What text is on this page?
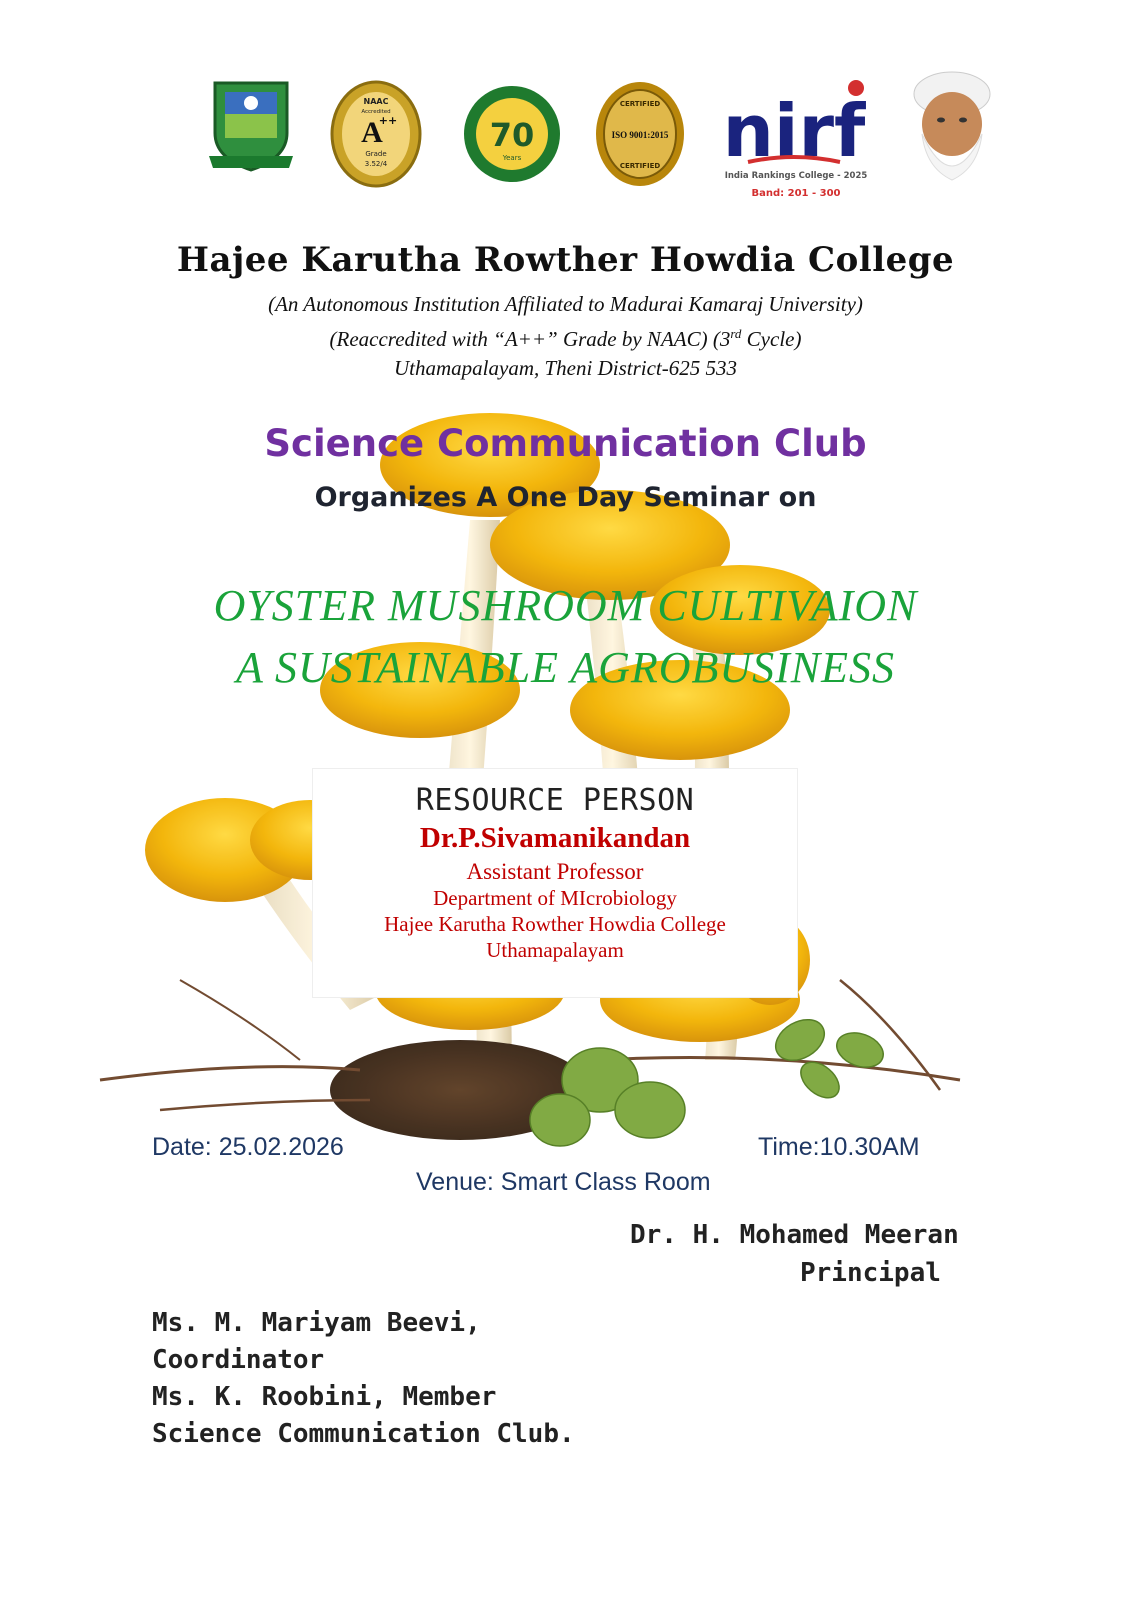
NAAC
Accredited
A
++
Grade
3.52/4
70
Years
CERTIFIED
ISO 9001:2015
CERTIFIED nirf
India Rankings College - 2025
Band: 201 - 300
Hajee Karutha Rowther Howdia College
(An Autonomous Institution Affiliated to Madurai Kamaraj University)
(Reaccredited with “A++” Grade by NAAC) (3rd Cycle)
Uthamapalayam, Theni District-625 533
Science Communication Club
Organizes A One Day Seminar on
OYSTER MUSHROOM CULTIVAION
A SUSTAINABLE AGROBUSINESS
RESOURCE PERSON
Dr.P.Sivamanikandan
Assistant Professor
Department of MIcrobiology
Hajee Karutha Rowther Howdia College
Uthamapalayam
Date: 25.02.2026	Time:10.30AM
Venue: Smart Class Room
Dr. H. Mohamed Meeran
Principal
Ms. M. Mariyam Beevi,
Coordinator
Ms. K. Roobini, Member
Science Communication Club.
